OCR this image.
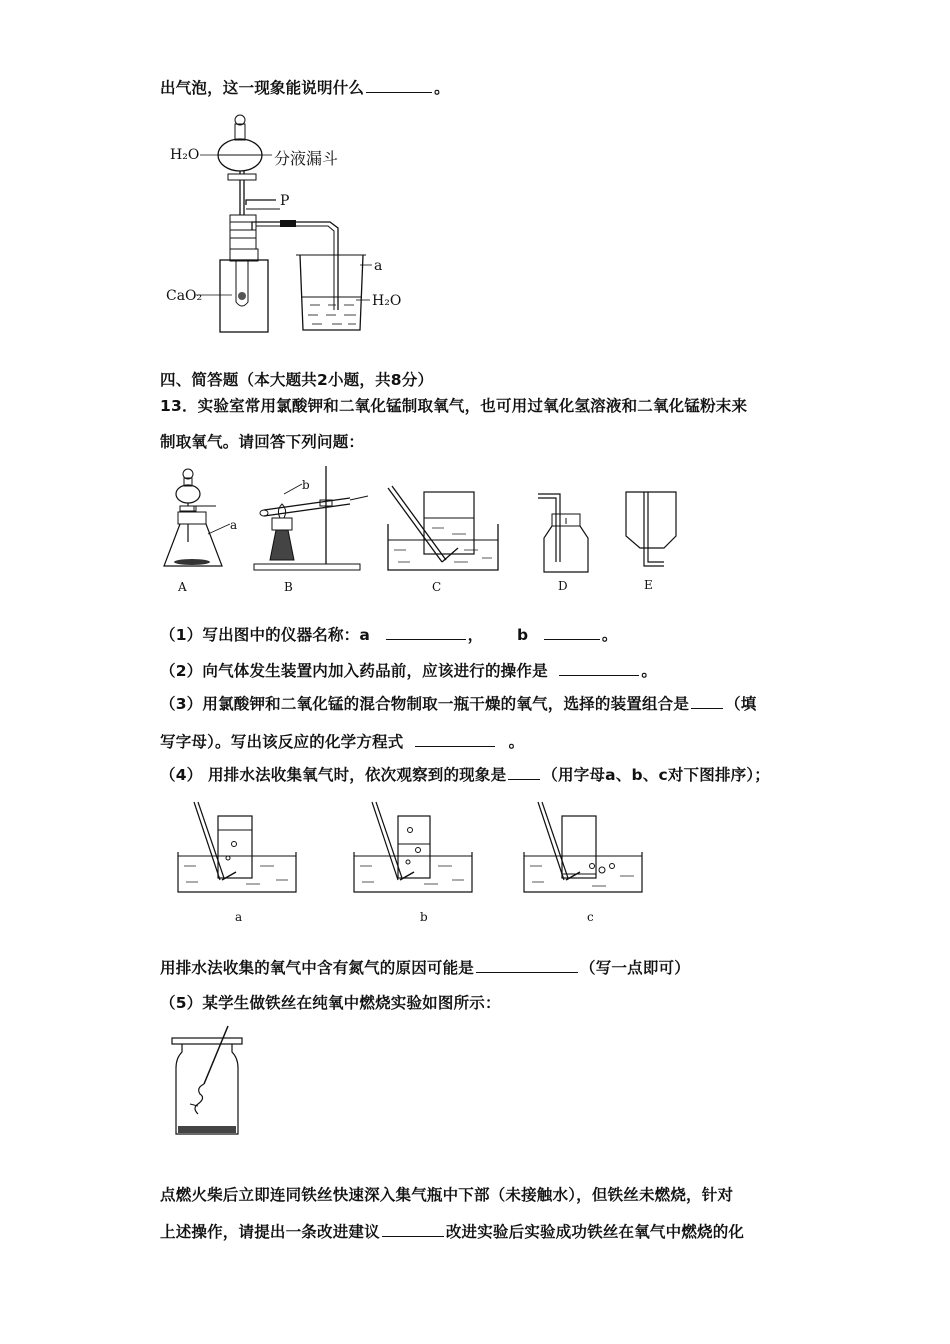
出气泡，这一现象能说明什么	。
H₂O	分液漏斗
P
a
CaO₂	H₂O
四、简答题（本大题共2小题，共8分）
13．实验室常用氯酸钾和二氧化锰制取氧气，也可用过氧化氢溶液和二氧化锰粉末来
制取氧气。请回答下列问题：
a
b
A	B	C	D	E
（1）写出图中的仪器名称：a	， b	。
（2）向气体发生装置内加入药品前，应该进行的操作是	。
（3）用氯酸钾和二氧化锰的混合物制取一瓶干燥的氧气，选择的装置组合是 （填
写字母）。写出该反应的化学方程式	。
（4） 用排水法收集氧气时，依次观察到的现象是 （用字母a、b、c对下图排序）；
a	b	c
用排水法收集的氧气中含有氮气的原因可能是	（写一点即可）
（5）某学生做铁丝在纯氧中燃烧实验如图所示：
点燃火柴后立即连同铁丝快速深入集气瓶中下部（未接触水），但铁丝未燃烧，针对
上述操作，请提出一条改进建议	改进实验后实验成功铁丝在氧气中燃烧的化
